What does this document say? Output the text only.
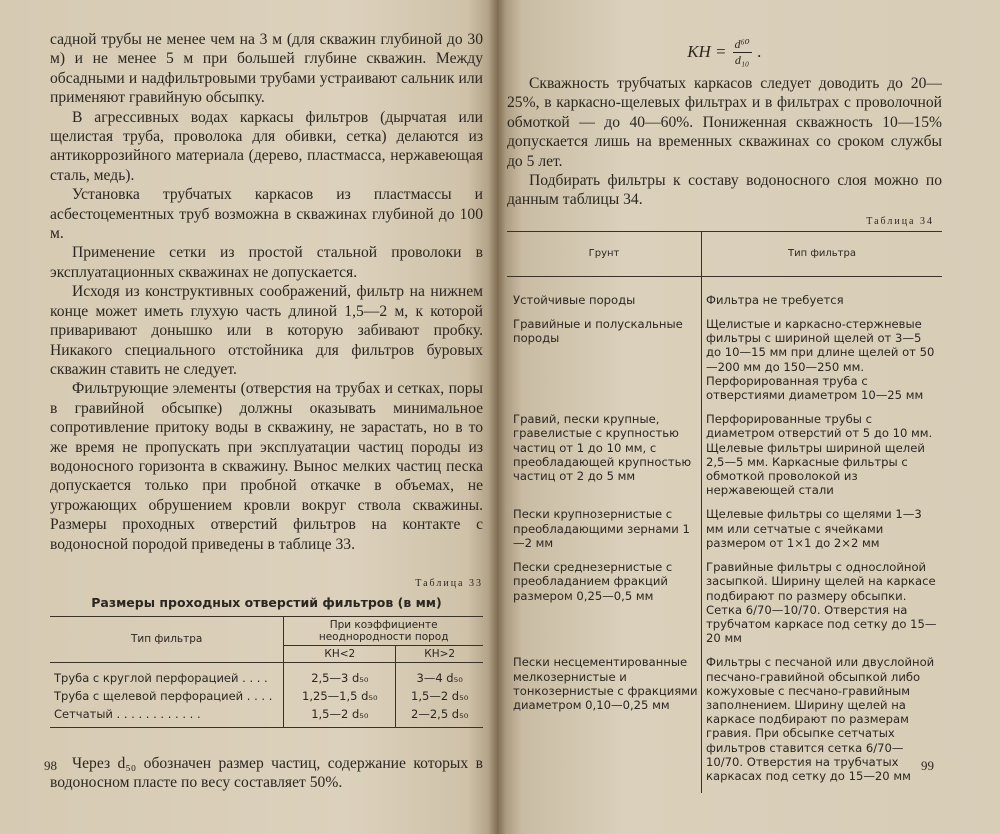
садной трубы не менее чем на 3 м (для скважин глубиной до 30 м) и не менее 5 м при большей глубине скважин. Между обсадными и надфильтровыми трубами устраивают сальник или применяют гравийную обсыпку.

В агрессивных водах каркасы фильтров (дырчатая или щелистая труба, проволока для обивки, сетка) делаются из антикоррозийного материала (дерево, пластмасса, нержавеющая сталь, медь).

Установка трубчатых каркасов из пластмассы и асбестоцементных труб возможна в скважинах глубиной до 100 м.

Применение сетки из простой стальной проволоки в эксплуатационных скважинах не допускается.

Исходя из конструктивных соображений, фильтр на нижнем конце может иметь глухую часть длиной 1,5—2 м, к которой приваривают донышко или в которую забивают пробку. Никакого специального отстойника для фильтров буровых скважин ставить не следует.

Фильтрующие элементы (отверстия на трубах и сетках, поры в гравийной обсыпке) должны оказывать минимальное сопротивление притоку воды в скважину, не зарастать, но в то же время не пропускать при эксплуатации частиц породы из водоносного горизонта в скважину. Вынос мелких частиц песка допускается только при пробной откачке в объемах, не угрожающих обрушением кровли вокруг ствола скважины. Размеры проходных отверстий фильтров на контакте с водоносной породой приведены в таблице 33.

Таблица 33
Размеры проходных отверстий фильтров (в мм)
Тип фильтра	При коэффициенте неоднородности пород	
	КН<2	КН>2
Труба с круглой перфорацией . . . .	2,5—3 d₅₀	3—4 d₅₀
Труба с щелевой перфорацией . . . .	1,25—1,5 d₅₀	1,5—2 d₅₀
Сетчатый . . . . . . . . . . . .	1,5—2 d₅₀	2—2,5 d₅₀

Через d₅₀ обозначен размер частиц, содержание которых в водоносном пласте по весу составляет 50%.

98
КН = $\frac{\text{d⁶⁰}}{\text{d₁₀}}$ .

Скважность трубчатых каркасов следует доводить до 20—25%, в каркасно-щелевых фильтрах и в фильтрах с проволочной обмоткой — до 40—60%. Пониженная скважность 10—15% допускается лишь на временных скважинах со сроком службы до 5 лет.

Подбирать фильтры к составу водоносного слоя можно по данным таблицы 34.

Таблица 34
Грунт	Тип фильтра
Устойчивые породы	Фильтра не требуется
Гравийные и полускальные породы	Щелистые и каркасно-стержневые фильтры с шириной щелей от 3—5 до 10—15 мм при длине щелей от 50—200 мм до 150—250 мм. Перфорированная труба с отверстиями диаметром 10—25 мм
Гравий, пески крупные, гравелистые с крупностью частиц от 1 до 10 мм, с преобладающей крупностью частиц от 2 до 5 мм	Перфорированные трубы с диаметром отверстий от 5 до 10 мм. Щелевые фильтры шириной щелей 2,5—5 мм. Каркасные фильтры с обмоткой проволокой из нержавеющей стали
Пески крупнозернистые с преобладающими зернами 1—2 мм	Щелевые фильтры со щелями 1—3 мм или сетчатые с ячейками размером от 1×1 до 2×2 мм
Пески среднезернистые с преобладанием фракций размером 0,25—0,5 мм	Гравийные фильтры с однослойной засыпкой. Ширину щелей на каркасе подбирают по размеру обсыпки. Сетка 6/70—10/70. Отверстия на трубчатом каркасе под сетку до 15—20 мм
Пески несцементированные мелкозернистые и тонкозернистые с фракциями диаметром 0,10—0,25 мм	Фильтры с песчаной или двуслойной песчано-гравийной обсыпкой либо кожуховые с песчано-гравийным заполнением. Ширину щелей на каркасе подбирают по размерам гравия. При обсыпке сетчатых фильтров ставится сетка 6/70—10/70. Отверстия на трубчатых каркасах под сетку до 15—20 мм
99
